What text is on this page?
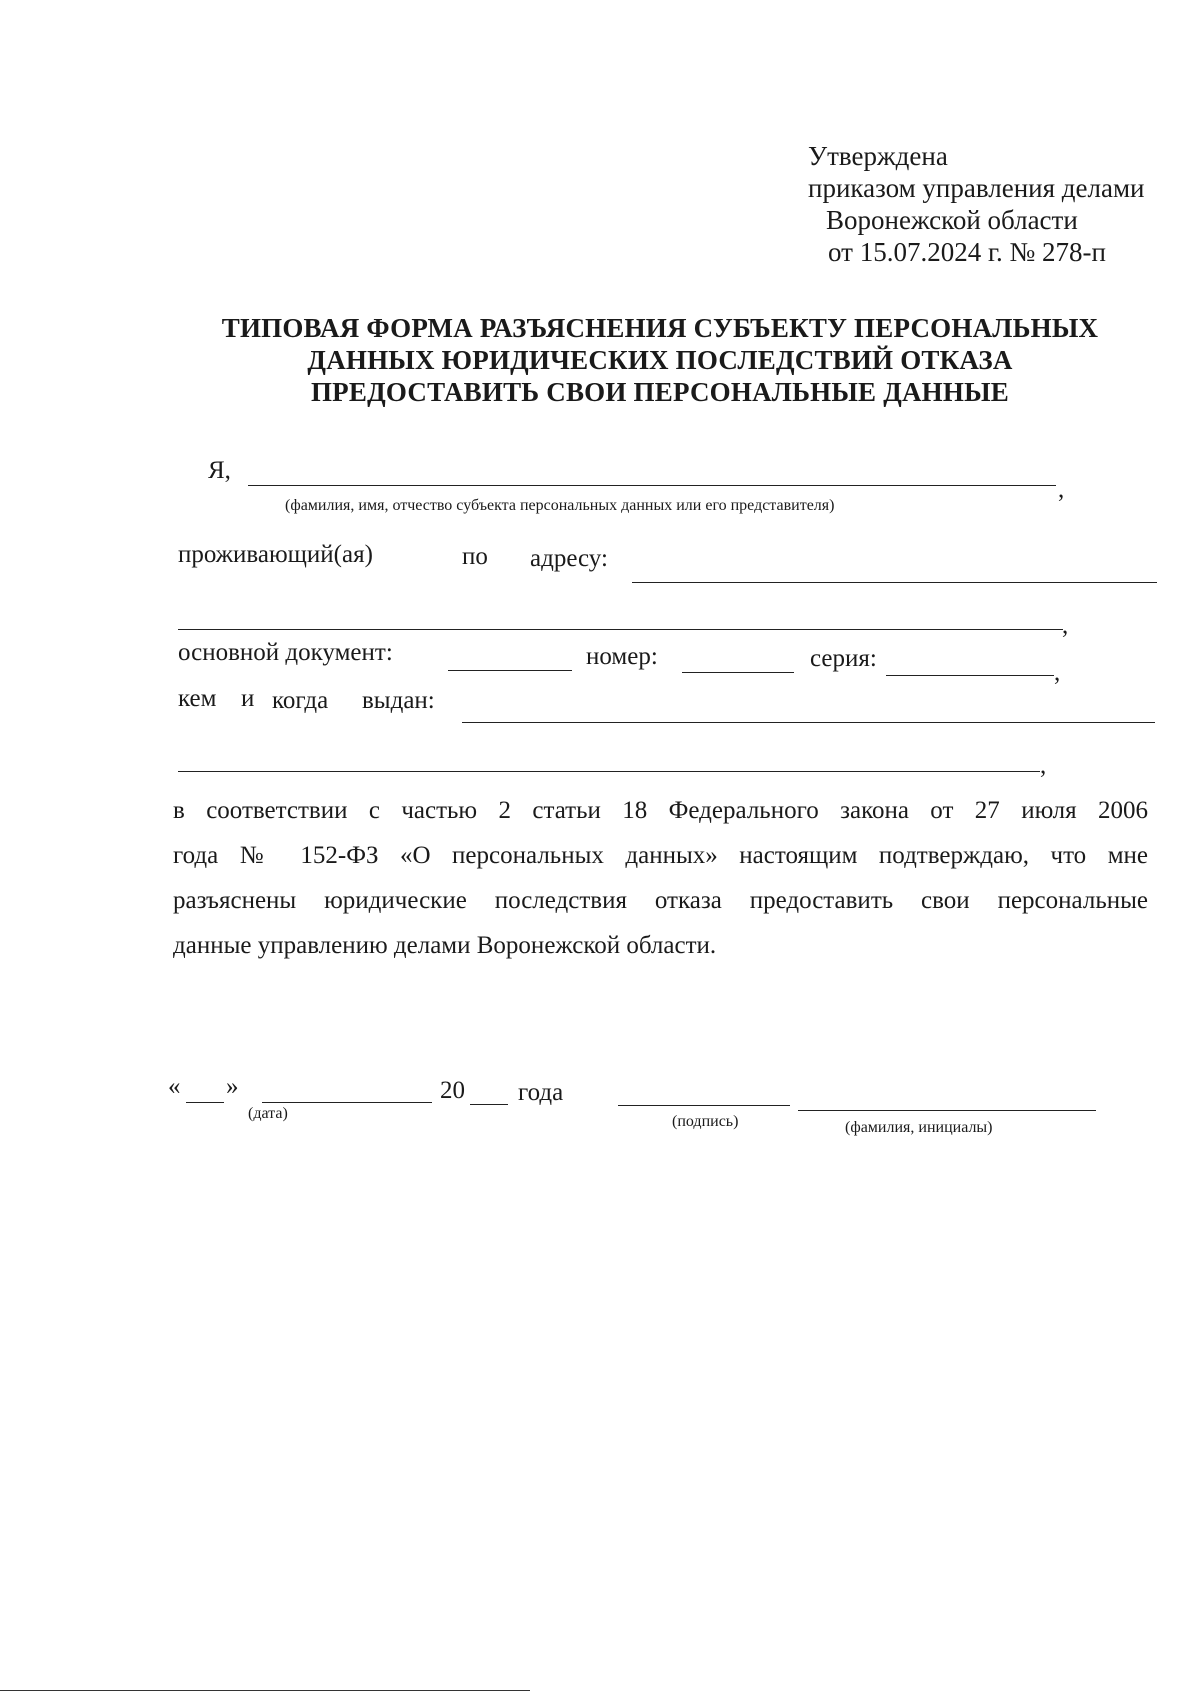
Утверждена
приказом управления делами
Воронежской области
от 15.07.2024 г. № 278-п
ТИПОВАЯ ФОРМА РАЗЪЯСНЕНИЯ СУБЪЕКТУ ПЕРСОНАЛЬНЫХ
ДАННЫХ ЮРИДИЧЕСКИХ ПОСЛЕДСТВИЙ ОТКАЗА
ПРЕДОСТАВИТЬ СВОИ ПЕРСОНАЛЬНЫЕ ДАННЫЕ
Я,
,
(фамилия, имя, отчество субъекта персональных данных или его представителя)
проживающий(ая)	по адресу:
,
основной документ:	номер:	серия:
,
кем и когда выдан:
,
в соответствии с частью 2 статьи 18 Федерального закона от 27 июля 2006
года № 152-ФЗ «О персональных данных» настоящим подтверждаю, что мне
разъяснены юридические последствия отказа предоставить свои персональные
данные управлению делами Воронежской области.
« »	20 года
(дата)	(подпись)	(фамилия, инициалы)
